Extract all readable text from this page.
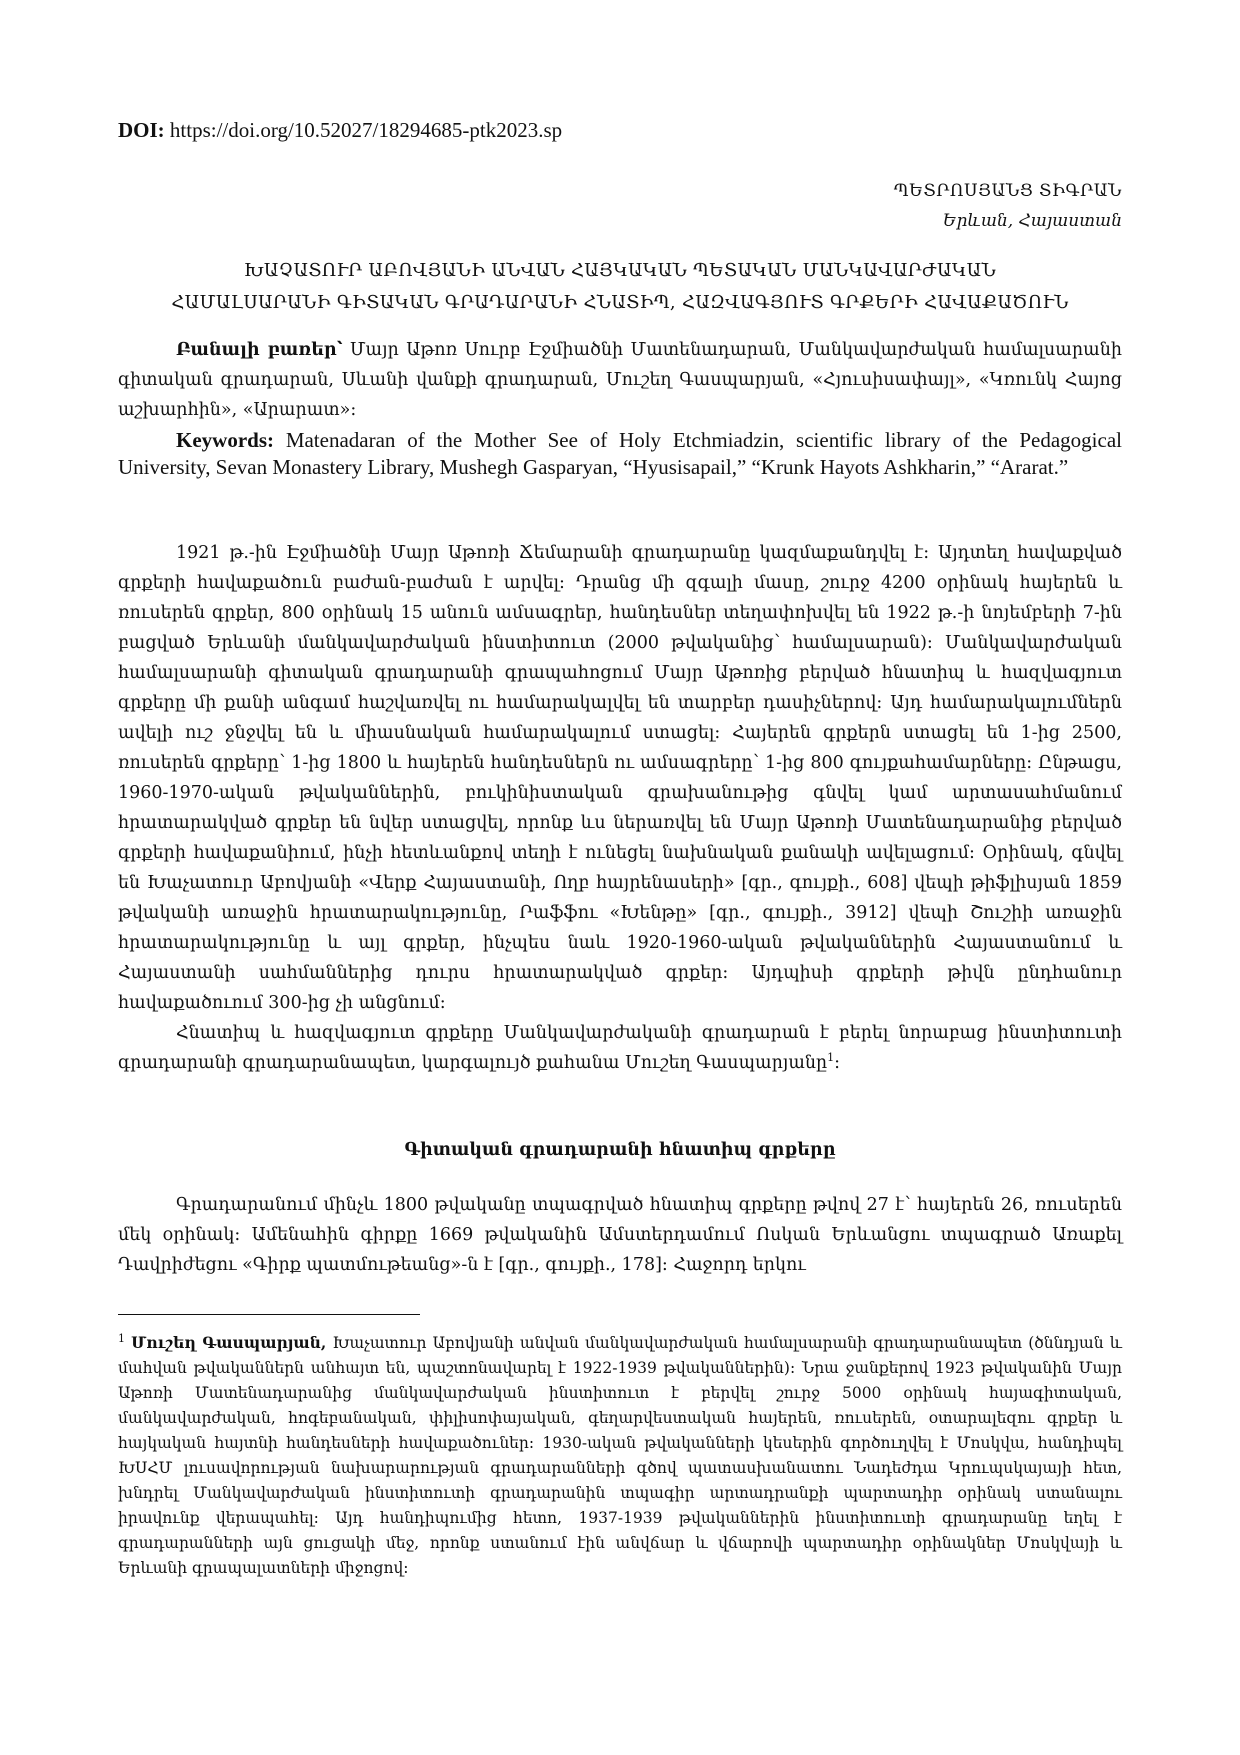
DOI: https://doi.org/10.52027/18294685-ptk2023.sp
ՊԵՏՐՈՍՅԱՆՑ ՏԻԳՐԱՆ
Երևան, Հայաստան
ԽԱՉԱՏՈՒՐ ԱԲՈՎՅԱՆԻ ԱՆՎԱՆ ՀԱՅԿԱԿԱՆ ՊԵՏԱԿԱՆ ՄԱՆԿԱՎԱՐԺԱԿԱՆ
ՀԱՄԱԼՍԱՐԱՆԻ ԳԻՏԱԿԱՆ ԳՐԱԴԱՐԱՆԻ ՀՆԱՏԻՊ, ՀԱԶՎԱԳՅՈՒՏ ԳՐՔԵՐԻ ՀԱՎԱՔԱԾՈՒՆ

Բանալի բառեր՝ Մայր Աթոռ Սուրբ Էջմիածնի Մատենադարան, Մանկավարժական համալսարանի գիտական գրադարան, Սևանի վանքի գրադարան, Մուշեղ Գասպարյան, «Հյուսիսափայլ», «Կռունկ Հայոց աշխարհին», «Արարատ»:

Keywords: Matenadaran of the Mother See of Holy Etchmiadzin, scientific library of the Pedagogical University, Sevan Monastery Library, Mushegh Gasparyan, “Hyusisapail,” “Krunk Hayots Ashkharin,” “Ararat.”

1921 թ.-ին Էջմիածնի Մայր Աթոռի Ճեմարանի գրադարանը կազմաքանդվել է: Այդտեղ հավաքված գրքերի հավաքածուն բաժան-բաժան է արվել: Դրանց մի զգալի մասը, շուրջ 4200 օրինակ հայերեն և ռուսերեն գրքեր, 800 օրինակ 15 անուն ամսագրեր, հանդեսներ տեղափոխվել են 1922 թ.-ի նոյեմբերի 7-ին բացված Երևանի մանկավարժական ինստիտուտ (2000 թվականից՝ համալսարան): Մանկավարժական համալսարանի գիտական գրադարանի գրապահոցում Մայր Աթոռից բերված հնատիպ և հազվագյուտ գրքերը մի քանի անգամ հաշվառվել ու համարակալվել են տարբեր դասիչներով: Այդ համարակալումներն ավելի ուշ ջնջվել են և միասնական համարակալում ստացել: Հայերեն գրքերն ստացել են 1-ից 2500, ռուսերեն գրքերը՝ 1-ից 1800 և հայերեն հանդեսներն ու ամսագրերը՝ 1-ից 800 գույքահամարները: Ընթացս, 1960-1970-ական թվականներին, բուկինիստական գրախանութից գնվել կամ արտասահմանում հրատարակված գրքեր են նվեր ստացվել, որոնք ևս ներառվել են Մայր Աթոռի Մատենադարանից բերված գրքերի հավաքանիում, ինչի հետևանքով տեղի է ունեցել նախնական քանակի ավելացում: Օրինակ, գնվել են Խաչատուր Աբովյանի «Վերք Հայաստանի, Ողբ հայրենասերի» [գր., գույքի., 608] վեպի թիֆլիսյան 1859 թվականի առաջին հրատարակությունը, Րաֆֆու «Խենթը» [գր., գույքի., 3912] վեպի Շուշիի առաջին հրատարակությունը և այլ գրքեր, ինչպես նաև 1920-1960-ական թվականներին Հայաստանում և Հայաստանի սահմաններից դուրս հրատարակված գրքեր: Այդպիսի գրքերի թիվն ընդհանուր հավաքածուում 300-ից չի անցնում:

Հնատիպ և հազվագյուտ գրքերը Մանկավարժականի գրադարան է բերել նորաբաց ինստիտուտի գրադարանի գրադարանապետ, կարգալույծ քահանա Մուշեղ Գասպարյանը$^1$:

Գիտական գրադարանի հնատիպ գրքերը

Գրադարանում մինչև 1800 թվականը տպագրված հնատիպ գրքերը թվով 27 է՝ հայերեն 26, ռուսերեն մեկ օրինակ: Ամենահին գիրքը 1669 թվականին Ամստերդամում Ոսկան Երևանցու տպագրած Առաքել Դավրիժեցու «Գիրք պատմութեանց»-ն է [գր., գույքի., 178]: Հաջորդ երկու

$^1$ Մուշեղ Գասպարյան, Խաչատուր Աբովյանի անվան մանկավարժական համալսարանի գրադարանապետ (ծննդյան և մահվան թվականներն անհայտ են, պաշտոնավարել է 1922-1939 թվականներին): Նրա ջանքերով 1923 թվականին Մայր Աթոռի Մատենադարանից մանկավարժական ինստիտուտ է բերվել շուրջ 5000 օրինակ հայագիտական, մանկավարժական, հոգեբանական, փիլիսոփայական, գեղարվեստական հայերեն, ռուսերեն, օտարալեզու գրքեր և հայկական հայտնի հանդեսների հավաքածուներ: 1930-ական թվականների կեսերին գործուղվել է Մոսկվա, հանդիպել ԽՍՀՄ լուսավորության նախարարության գրադարանների գծով պատասխանատու Նադեժդա Կրուպսկայայի հետ, խնդրել Մանկավարժական ինստիտուտի գրադարանին տպագիր արտադրանքի պարտադիր օրինակ ստանալու իրավունք վերապահել: Այդ հանդիպումից հետո, 1937-1939 թվականներին ինստիտուտի գրադարանը եղել է գրադարանների այն ցուցակի մեջ, որոնք ստանում էին անվճար և վճարովի պարտադիր օրինակներ Մոսկվայի և Երևանի գրապալատների միջոցով:
